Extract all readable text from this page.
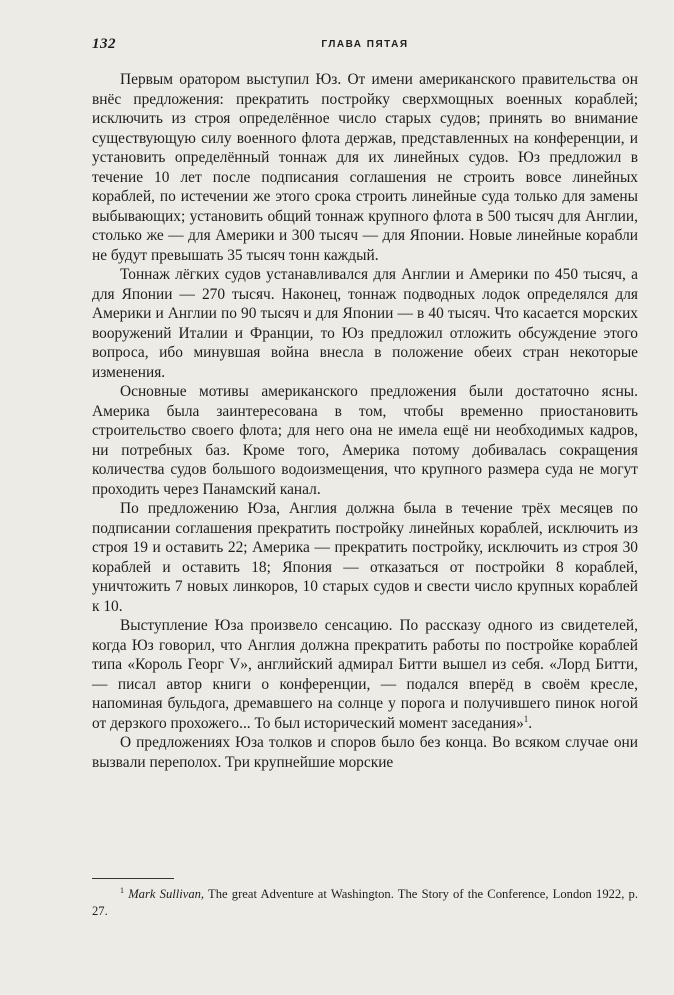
132	ГЛАВА ПЯТАЯ

Первым оратором выступил Юз. От имени американского правительства он внёс предложения: прекратить постройку сверхмощных военных кораблей; исключить из строя определённое число старых судов; принять во внимание существующую силу военного флота держав, представленных на конференции, и установить определённый тоннаж для их линейных судов. Юз предложил в течение 10 лет после подписания соглашения не строить вовсе линейных кораблей, по истечении же этого срока строить линейные суда только для замены выбывающих; установить общий тоннаж крупного флота в 500 тысяч для Англии, столько же — для Америки и 300 тысяч — для Японии. Новые линейные корабли не будут превышать 35 тысяч тонн каждый.

Тоннаж лёгких судов устанавливался для Англии и Америки по 450 тысяч, а для Японии — 270 тысяч. Наконец, тоннаж подводных лодок определялся для Америки и Англии по 90 тысяч и для Японии — в 40 тысяч. Что касается морских вооружений Италии и Франции, то Юз предложил отложить обсуждение этого вопроса, ибо минувшая война внесла в положение обеих стран некоторые изменения.

Основные мотивы американского предложения были достаточно ясны. Америка была заинтересована в том, чтобы временно приостановить строительство своего флота; для него она не имела ещё ни необходимых кадров, ни потребных баз. Кроме того, Америка потому добивалась сокращения количества судов большого водоизмещения, что крупного размера суда не могут проходить через Панамский канал.

По предложению Юза, Англия должна была в течение трёх месяцев по подписании соглашения прекратить постройку линейных кораблей, исключить из строя 19 и оставить 22; Америка — прекратить постройку, исключить из строя 30 кораблей и оставить 18; Япония — отказаться от постройки 8 кораблей, уничтожить 7 новых линкоров, 10 старых судов и свести число крупных кораблей к 10.

Выступление Юза произвело сенсацию. По рассказу одного из свидетелей, когда Юз говорил, что Англия должна прекратить работы по постройке кораблей типа «Король Георг V», английский адмирал Битти вышел из себя. «Лорд Битти, — писал автор книги о конференции, — подался вперёд в своём кресле, напоминая бульдога, дремавшего на солнце у порога и получившего пинок ногой от дерзкого прохожего... То был исторический момент заседания»$^1$.

О предложениях Юза толков и споров было без конца. Во всяком случае они вызвали переполох. Три крупнейшие морские

$^1$ Mark Sullivan, The great Adventure at Washington. The Story of the Conference, London 1922, p. 27.
